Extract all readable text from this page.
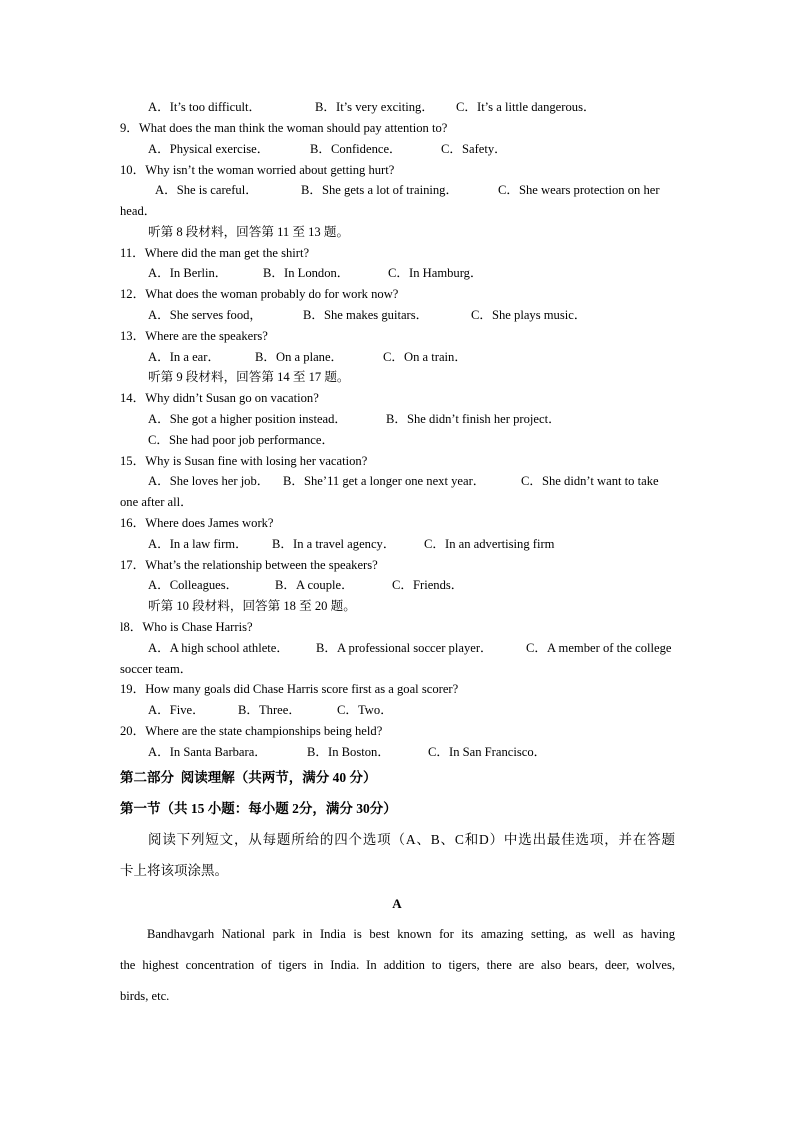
A．It’s too difficult．	B．It’s very exciting． C．It’s a little dangerous．
9．What does the man think the woman should pay attention to?
A．Physical exercise．	B．Confidence．	C．Safety．
10．Why isn’t the woman worried about getting hurt?
A．She is careful．	B．She gets a lot of training．	C．She wears protection on her
head．
听第 8 段材料，回答第 11 至 13 题。
11．Where did the man get the shirt?
A．In Berlin．	B．In London．	C．In Hamburg．
12．What does the woman probably do for work now?
A．She serves food，	B．She makes guitars．	C．She plays music．
13．Where are the speakers?
A．In a ear．	B．On a plane．	C．On a train．
听第 9 段材料，回答第 14 至 17 题。
14．Why didn’t Susan go on vacation?
A．She got a higher position instead．	B．She didn’t finish her project．
C．She had poor job performance．
15．Why is Susan fine with losing her vacation?
A．She loves her job． B．She’11 get a longer one next year．	C．She didn’t want to take
one after all．
16．Where does James work?
A．In a law firm． B．In a travel agency． C．In an advertising firm
17．What’s the relationship between the speakers?
A．Colleagues．	B．A couple．	C．Friends．
听第 10 段材料，回答第 18 至 20 题。
l8．Who is Chase Harris?
A．A high school athlete． B．A professional soccer player．	C．A member of the college
soccer team．
19．How many goals did Chase Harris score first as a goal scorer?
A．Five．	B．Three．	C．Two．
20．Where are the state championships being held?
A．In Santa Barbara．	B．In Boston．	C．In San Francisco．
第二部分  阅读理解（共两节，满分 40 分）
第一节（共 15 小题：每小题 2分，满分 30分）
阅读下列短文，从每题所给的四个选项（A、B、C和D）中选出最佳选项，并在答题
卡上将该项涂黑。
A
Bandhavgarh National park in India is best known for its amazing setting, as well as having
the highest concentration of tigers in India. In addition to tigers, there are also bears, deer, wolves,
birds, etc.
